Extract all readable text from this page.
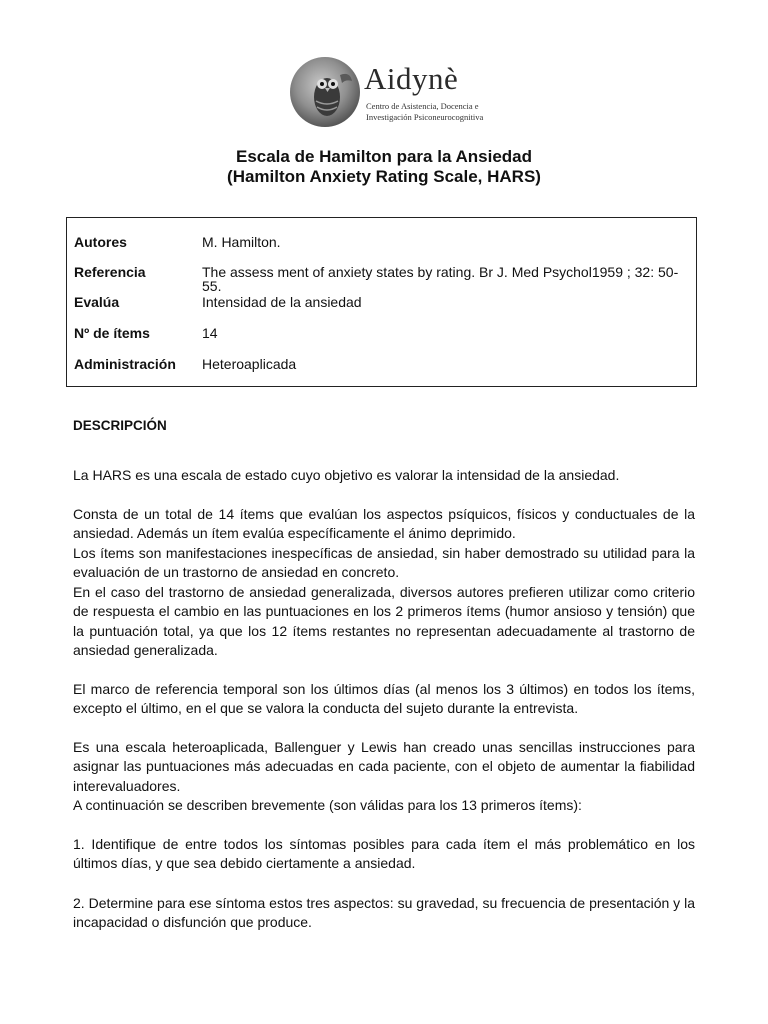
Aidynè
Centro de Asistencia, Docencia e
Investigación Psiconeurocognitiva
Escala de Hamilton para la Ansiedad
(Hamilton Anxiety Rating Scale, HARS)
Autores	M. Hamilton.
Referencia	The assess ment of anxiety states by rating. Br J. Med Psychol1959 ; 32: 50-55.
Evalúa	Intensidad de la ansiedad
Nº de ítems	14
Administración	Heteroaplicada
DESCRIPCIÓN
La HARS es una escala de estado cuyo objetivo es valorar la intensidad de la ansiedad.
Consta de un total de 14 ítems que evalúan los aspectos psíquicos, físicos y conductuales de la ansiedad. Además un ítem evalúa específicamente el ánimo deprimido.
Los ítems son manifestaciones inespecíficas de ansiedad, sin haber demostrado su utilidad para la evaluación de un trastorno de ansiedad en concreto.
En el caso del trastorno de ansiedad generalizada, diversos autores prefieren utilizar como criterio de respuesta el cambio en las puntuaciones en los 2 primeros ítems (humor ansioso y tensión) que la puntuación total, ya que los 12 ítems restantes no representan adecuadamente al trastorno de ansiedad generalizada.
El marco de referencia temporal son los últimos días (al menos los 3 últimos) en todos los ítems, excepto el último, en el que se valora la conducta del sujeto durante la entrevista.
Es una escala heteroaplicada, Ballenguer y Lewis han creado unas sencillas instrucciones para asignar las puntuaciones más adecuadas en cada paciente, con el objeto de aumentar la fiabilidad interevaluadores.
A continuación se describen brevemente (son válidas para los 13 primeros ítems):
1. Identifique de entre todos los síntomas posibles para cada ítem el más problemático en los últimos días, y que sea debido ciertamente a ansiedad.
2. Determine para ese síntoma estos tres aspectos: su gravedad, su frecuencia de presentación y la incapacidad o disfunción que produce.
